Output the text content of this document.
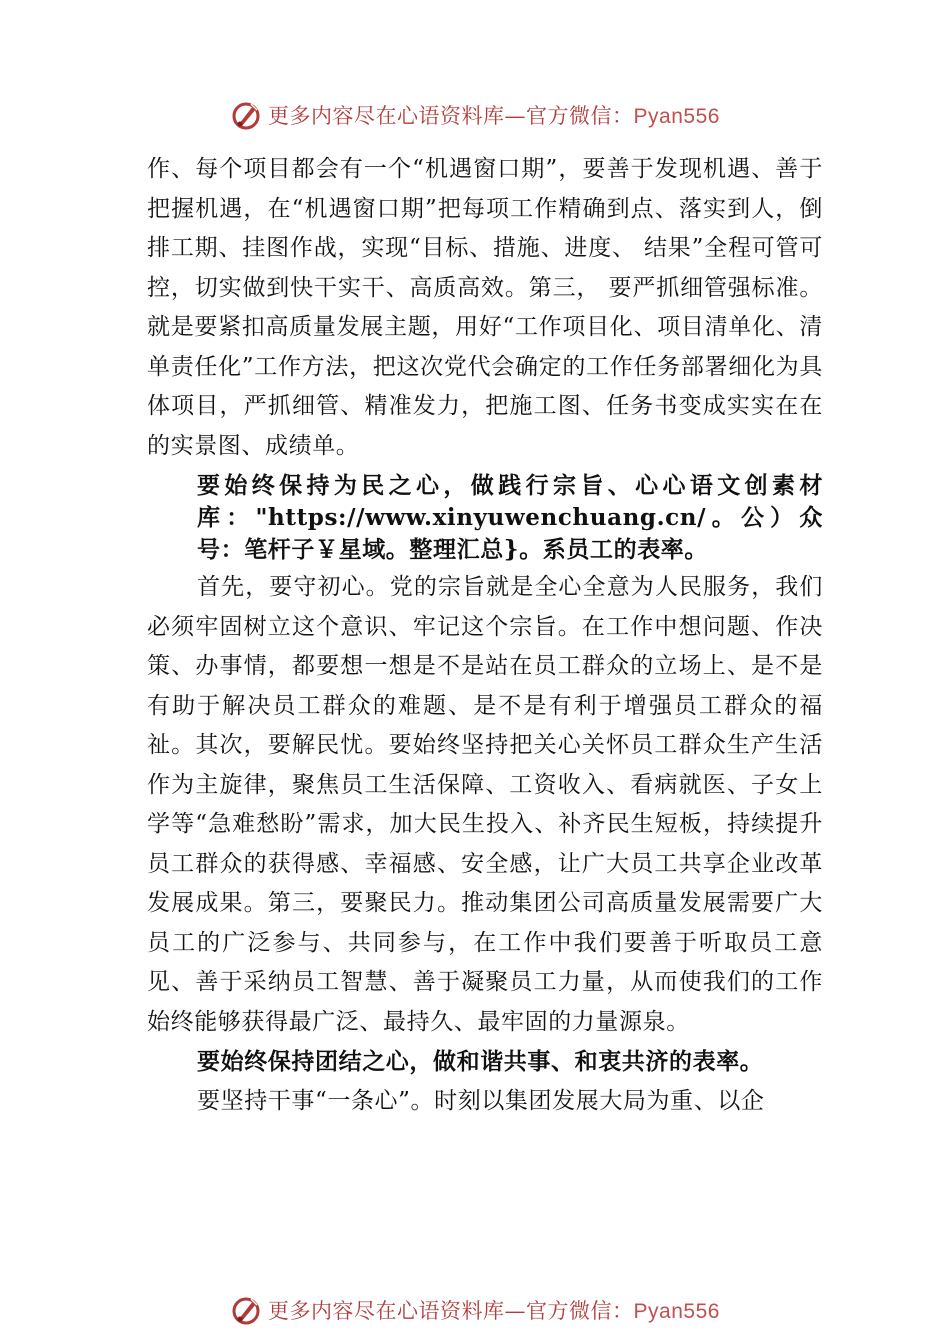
更多内容尽在心语资料库—官方微信：Pyan556

作、每个项目都会有一个“机遇窗口期”，要善于发现机遇、善于把握机遇，在“机遇窗口期”把每项工作精确到点、落实到人，倒排工期、挂图作战，实现“目标、措施、进度、 结果”全程可管可控，切实做到快干实干、高质高效。第三， 要严抓细管强标准。就是要紧扣高质量发展主题，用好“工作项目化、项目清单化、清单责任化”工作方法，把这次党代会确定的工作任务部署细化为具体项目，严抓细管、精准发力，把施工图、任务书变成实实在在的实景图、成绩单。

要始终保持为民之心，做践行宗旨、心心语文创素材库："https://www.xinyuwenchuang.cn/。公）众号：笔杆子￥星域。整理汇总}。系员工的表率。

首先，要守初心。党的宗旨就是全心全意为人民服务，我们必须牢固树立这个意识、牢记这个宗旨。在工作中想问题、作决策、办事情，都要想一想是不是站在员工群众的立场上、是不是有助于解决员工群众的难题、是不是有利于增强员工群众的福祉。其次，要解民忧。要始终坚持把关心关怀员工群众生产生活作为主旋律，聚焦员工生活保障、工资收入、看病就医、子女上学等“急难愁盼”需求，加大民生投入、补齐民生短板，持续提升员工群众的获得感、幸福感、安全感，让广大员工共享企业改革发展成果。第三，要聚民力。推动集团公司高质量发展需要广大员工的广泛参与、共同参与，在工作中我们要善于听取员工意见、善于采纳员工智慧、善于凝聚员工力量，从而使我们的工作始终能够获得最广泛、最持久、最牢固的力量源泉。

要始终保持团结之心，做和谐共事、和衷共济的表率。

要坚持干事“一条心”。时刻以集团发展大局为重、以企

更多内容尽在心语资料库—官方微信：Pyan556
